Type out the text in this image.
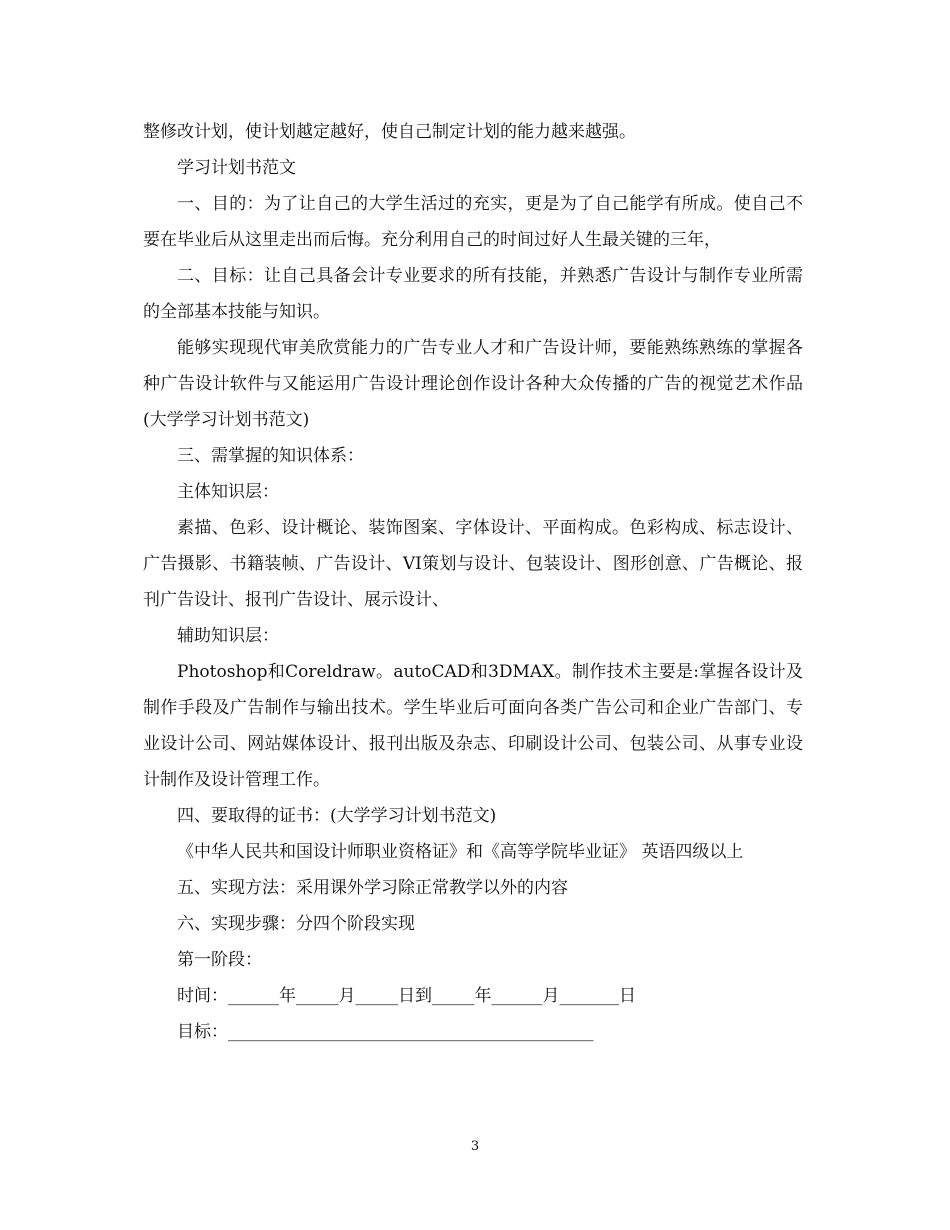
整修改计划，使计划越定越好，使自己制定计划的能力越来越强。

学习计划书范文

一、目的：为了让自己的大学生活过的充实，更是为了自己能学有所成。使自己不要在毕业后从这里走出而后悔。充分利用自己的时间过好人生最关键的三年，

二、目标：让自己具备会计专业要求的所有技能，并熟悉广告设计与制作专业所需的全部基本技能与知识。

能够实现现代审美欣赏能力的广告专业人才和广告设计师，要能熟练熟练的掌握各种广告设计软件与又能运用广告设计理论创作设计各种大众传播的广告的视觉艺术作品(大学学习计划书范文)

三、需掌握的知识体系：

主体知识层：

素描、色彩、设计概论、装饰图案、字体设计、平面构成。色彩构成、标志设计、广告摄影、书籍装帧、广告设计、VI策划与设计、包装设计、图形创意、广告概论、报刊广告设计、报刊广告设计、展示设计、

辅助知识层：

Photoshop和Coreldraw。autoCAD和3DMAX。制作技术主要是:掌握各设计及制作手段及广告制作与输出技术。学生毕业后可面向各类广告公司和企业广告部门、专业设计公司、网站媒体设计、报刊出版及杂志、印刷设计公司、包装公司、从事专业设计制作及设计管理工作。

四、要取得的证书：(大学学习计划书范文)

《中华人民共和国设计师职业资格证》和《高等学院毕业证》 英语四级以上

五、实现方法：采用课外学习除正常教学以外的内容

六、实现步骤：分四个阶段实现

第一阶段：

时间：______年_____月_____日到_____年______月_______日

目标：___________________________________________

3
